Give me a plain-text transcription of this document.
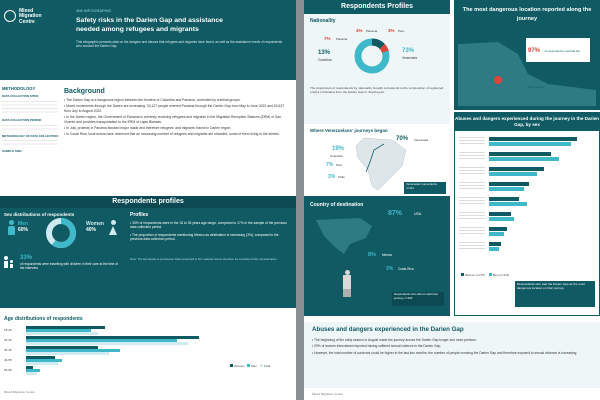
Mixed
Migration
Centre
4MI INFOGRAPHIC
Safety risks in the Darien Gap and assistance
needed among refugees and migrants
This infographic presents data on the dangers and abuses that refugees and migrants have faced, as well as the assistance needs of respondents who crossed the Darien Gap.
METHODOLOGY
DATA COLLECTION SITES:
DATA COLLECTION PERIOD:
METHODOLOGY OF DATA COLLECTION:
SAMPLE SIZE:
Background
• The Darien Gap is a dangerous region between the borders of Colombia and Panama, controlled by criminal groups.
• Mixed movements through the Darien are increasing: 33,127 people entered Panama through the Darien Gap from May to June 2022 and 53,637 from July to August 2022.
• In the Darien region, the Government of Panama is currently receiving refugees and migrants in the Migration Reception Stations (ERM) of San Vicente and provides transportation to the ERM of Lajas Blancas.
• In July, protests in Panama blocked major roads and therefore refugees' and migrants' transit in Darien region.
• In Costa Rica, local actors have observed that an increasing number of refugees and migrants are stranded, some of them living in the streets.
Respondents profiles
Sex distributions of respondents
Men
60%
Women
40%
33%
of respondents were travelling with children in their care at the time of the interview
Profiles
• 33% of respondents were in the 18 to 35 years age range, compared to 17% in the sample of the previous data collection period.
• The proportion of respondents mentioning Mexico as destination is increasing (3%), compared to the previous data collection period.
Note: The left sample is provisional. Data presented in this material cannot therefore be considered fully representative.
Age distributions of respondents
18-25
26-35
36-45
46-55
56-65
Women Men Total
Mixed Migration Centre
Respondents Profiles
Nationality
73%
Venezuela
13%
Colombia
7% Panama
4% Panama 3% Peru
The proportions of respondents by nationality broadly correspond to the composition of registered entries in Panama from the Darien Gap in July/August.
Where Venezuelans' journeys began
70% Venezuela
19%
Colombia
7% Peru
3% Chile
Venezuelan respondents, n=314
Country of destination
87%	USA
8% Mexico
3% Costa Rica
Respondents who did not start their journey, n=332
The most dangerous location reported along the journey
97% of respondents reported the Darien Gap as the most dangerous location on their journey
Abuses and dangers experienced during the journey in the Darien Gap, by sex
Women (n=75)	Men (n=111)
Respondents who saw the Darien Gap as the most dangerous location on their journey
Abuses and dangers experienced in the Darien Gap
• The beginning of the rainy season in August made the journey across the Darien Gap longer and more perilous.
• 29% of women interviewed reported having suffered sexual violence in the Darien Gap.
• However, the total number of survivors could be higher in the last two months: the number of people crossing the Darien Gap and therefore exposed to sexual violence is increasing.
Mixed Migration Centre
